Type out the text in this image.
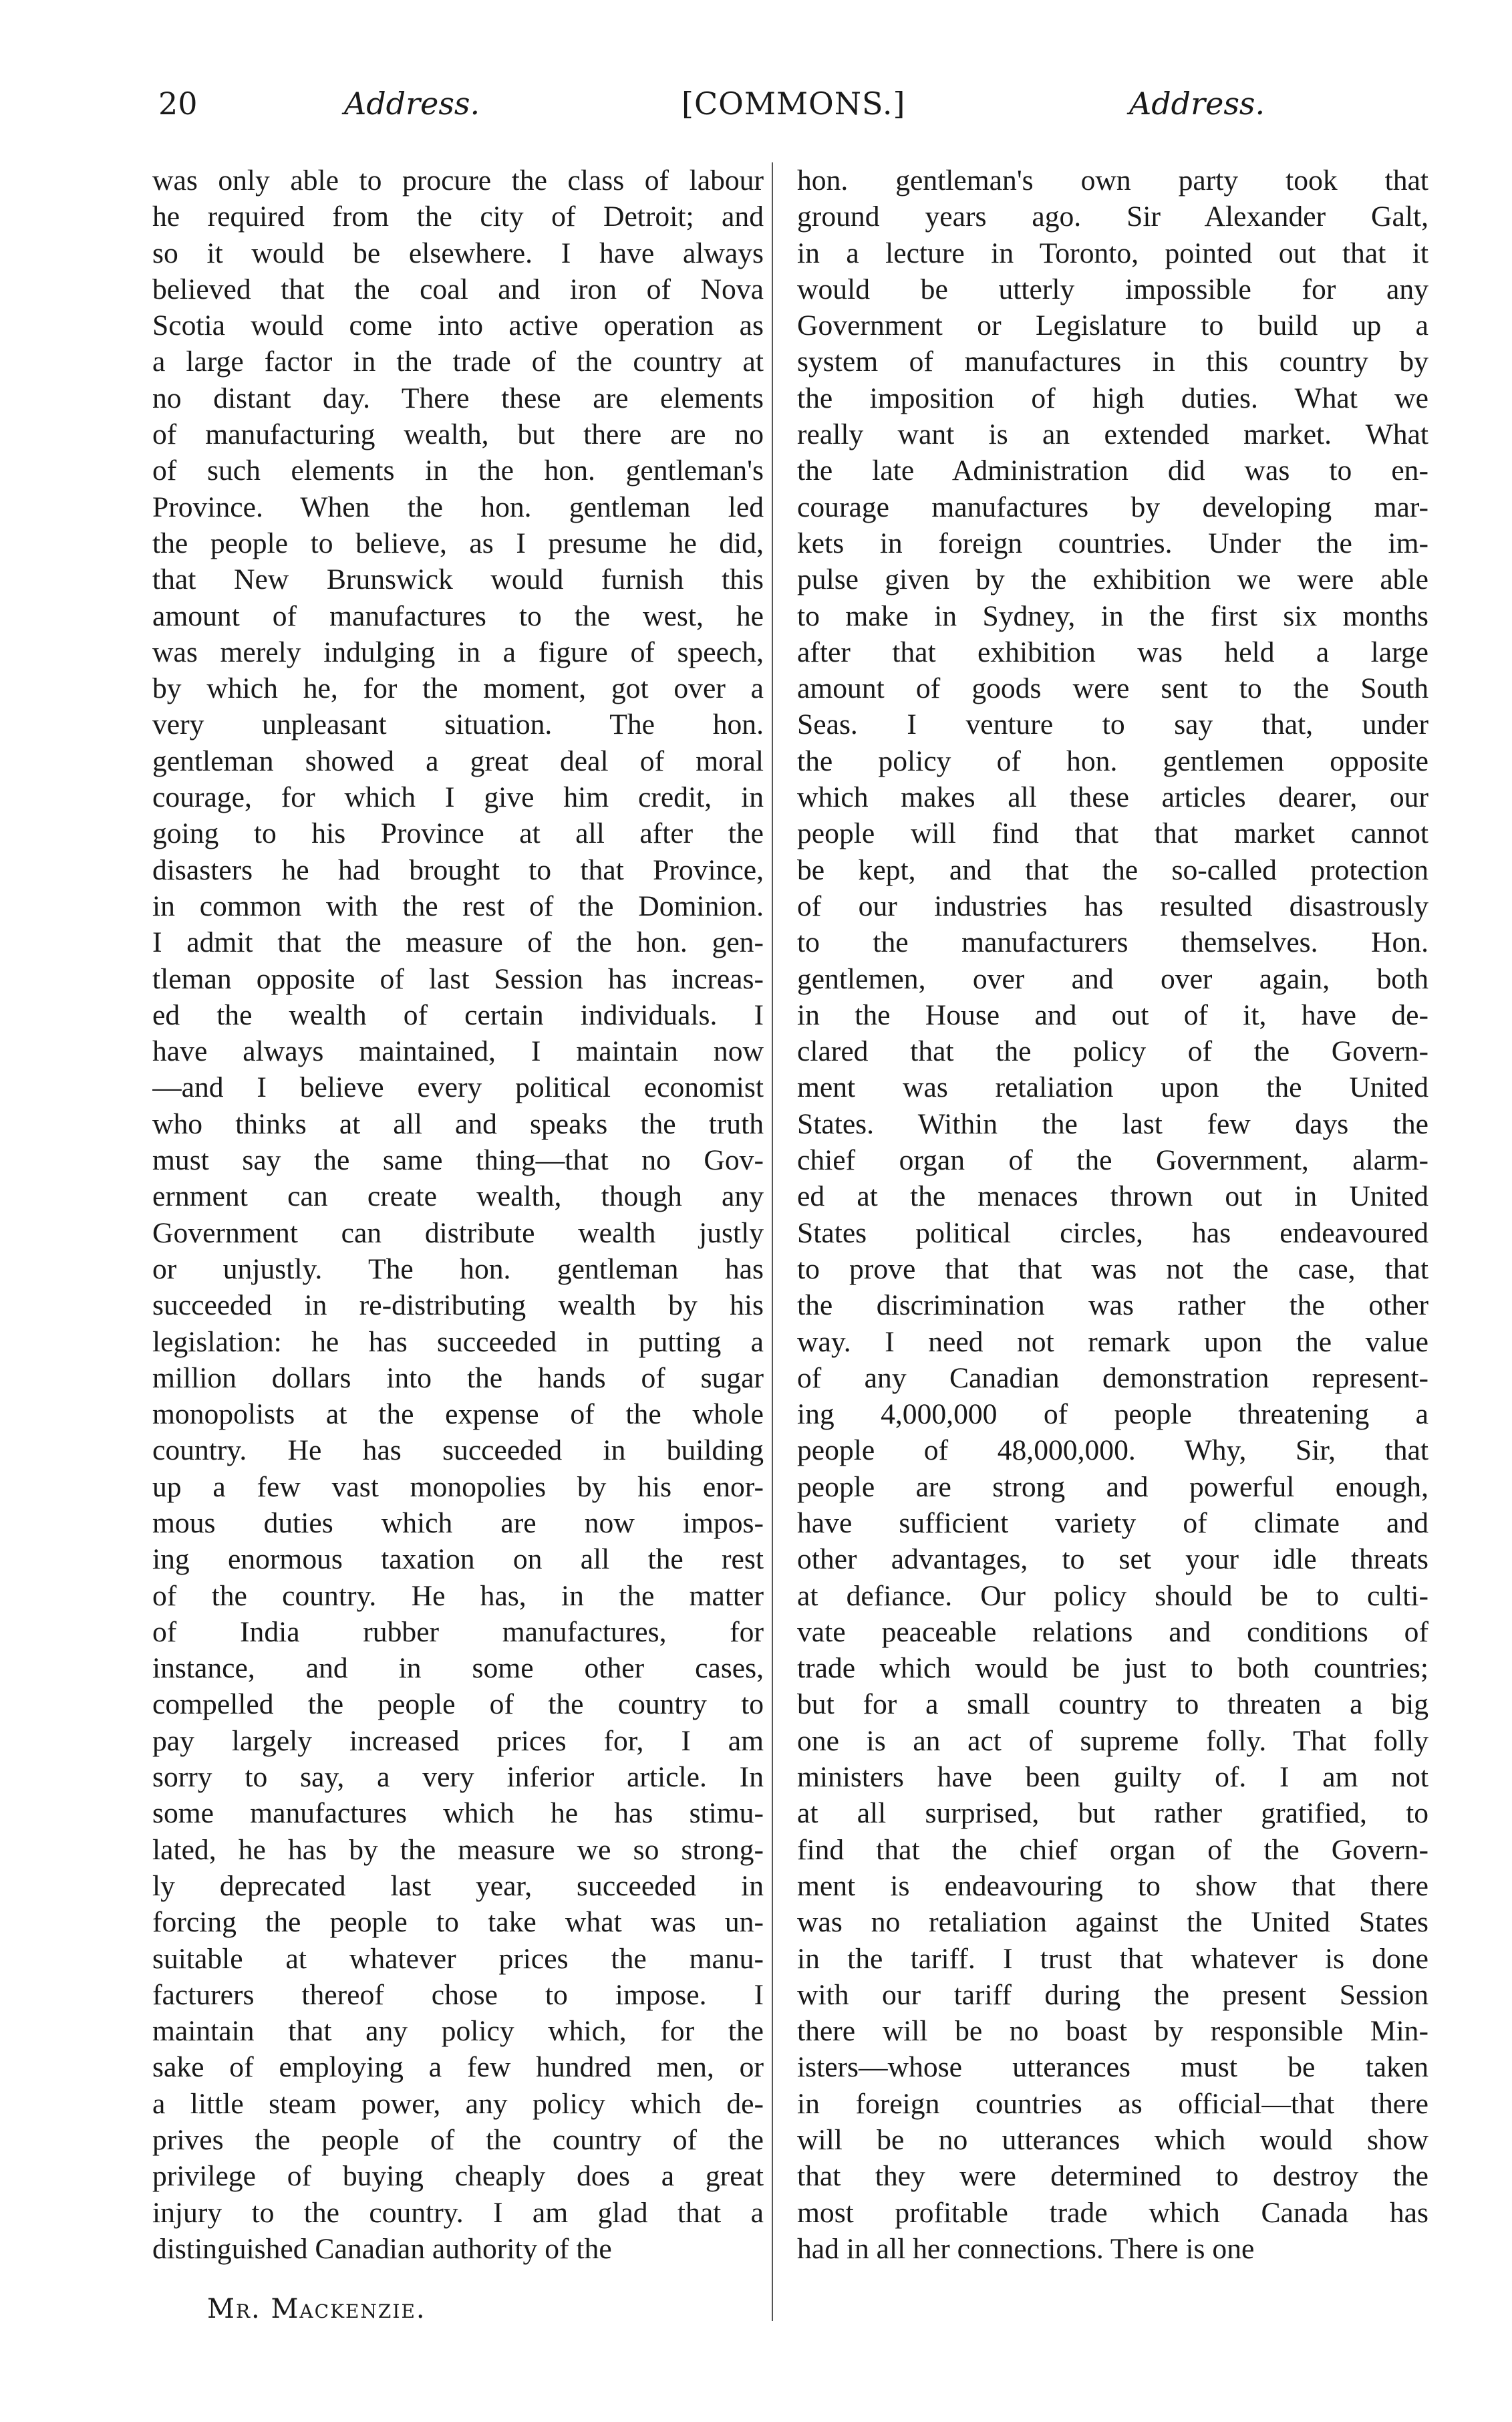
20	Address.	[COMMONS.]	Address.
was only able to procure the class of labour
he required from the city of Detroit; and
so it would be elsewhere. I have always
believed that the coal and iron of Nova
Scotia would come into active operation as
a large factor in the trade of the country at
no distant day. There these are elements
of manufacturing wealth, but there are no
of such elements in the hon. gentleman's
Province. When the hon. gentleman led
the people to believe, as I presume he did,
that New Brunswick would furnish this
amount of manufactures to the west, he
was merely indulging in a figure of speech,
by which he, for the moment, got over a
very unpleasant situation. The hon.
gentleman showed a great deal of moral
courage, for which I give him credit, in
going to his Province at all after the
disasters he had brought to that Province,
in common with the rest of the Dominion.
I admit that the measure of the hon. gen-
tleman opposite of last Session has increas-
ed the wealth of certain individuals. I
have always maintained, I maintain now
—and I believe every political economist
who thinks at all and speaks the truth
must say the same thing—that no Gov-
ernment can create wealth, though any
Government can distribute wealth justly
or unjustly. The hon. gentleman has
succeeded in re-distributing wealth by his
legislation: he has succeeded in putting a
million dollars into the hands of sugar
monopolists at the expense of the whole
country. He has succeeded in building
up a few vast monopolies by his enor-
mous duties which are now impos-
ing enormous taxation on all the rest
of the country. He has, in the matter
of India rubber manufactures, for
instance, and in some other cases,
compelled the people of the country to
pay largely increased prices for, I am
sorry to say, a very inferior article. In
some manufactures which he has stimu-
lated, he has by the measure we so strong-
ly deprecated last year, succeeded in
forcing the people to take what was un-
suitable at whatever prices the manu-
facturers thereof chose to impose. I
maintain that any policy which, for the
sake of employing a few hundred men, or
a little steam power, any policy which de-
prives the people of the country of the
privilege of buying cheaply does a great
injury to the country. I am glad that a
distinguished Canadian authority of the
hon. gentleman's own party took that
ground years ago. Sir Alexander Galt,
in a lecture in Toronto, pointed out that it
would be utterly impossible for any
Government or Legislature to build up a
system of manufactures in this country by
the imposition of high duties. What we
really want is an extended market. What
the late Administration did was to en-
courage manufactures by developing mar-
kets in foreign countries. Under the im-
pulse given by the exhibition we were able
to make in Sydney, in the first six months
after that exhibition was held a large
amount of goods were sent to the South
Seas. I venture to say that, under
the policy of hon. gentlemen opposite
which makes all these articles dearer, our
people will find that that market cannot
be kept, and that the so-called protection
of our industries has resulted disastrously
to the manufacturers themselves. Hon.
gentlemen, over and over again, both
in the House and out of it, have de-
clared that the policy of the Govern-
ment was retaliation upon the United
States. Within the last few days the
chief organ of the Government, alarm-
ed at the menaces thrown out in United
States political circles, has endeavoured
to prove that that was not the case, that
the discrimination was rather the other
way. I need not remark upon the value
of any Canadian demonstration represent-
ing 4,000,000 of people threatening a
people of 48,000,000. Why, Sir, that
people are strong and powerful enough,
have sufficient variety of climate and
other advantages, to set your idle threats
at defiance. Our policy should be to culti-
vate peaceable relations and conditions of
trade which would be just to both countries;
but for a small country to threaten a big
one is an act of supreme folly. That folly
ministers have been guilty of. I am not
at all surprised, but rather gratified, to
find that the chief organ of the Govern-
ment is endeavouring to show that there
was no retaliation against the United States
in the tariff. I trust that whatever is done
with our tariff during the present Session
there will be no boast by responsible Min-
isters—whose utterances must be taken
in foreign countries as official—that there
will be no utterances which would show
that they were determined to destroy the
most profitable trade which Canada has
had in all her connections. There is one
Mr. Mackenzie.
